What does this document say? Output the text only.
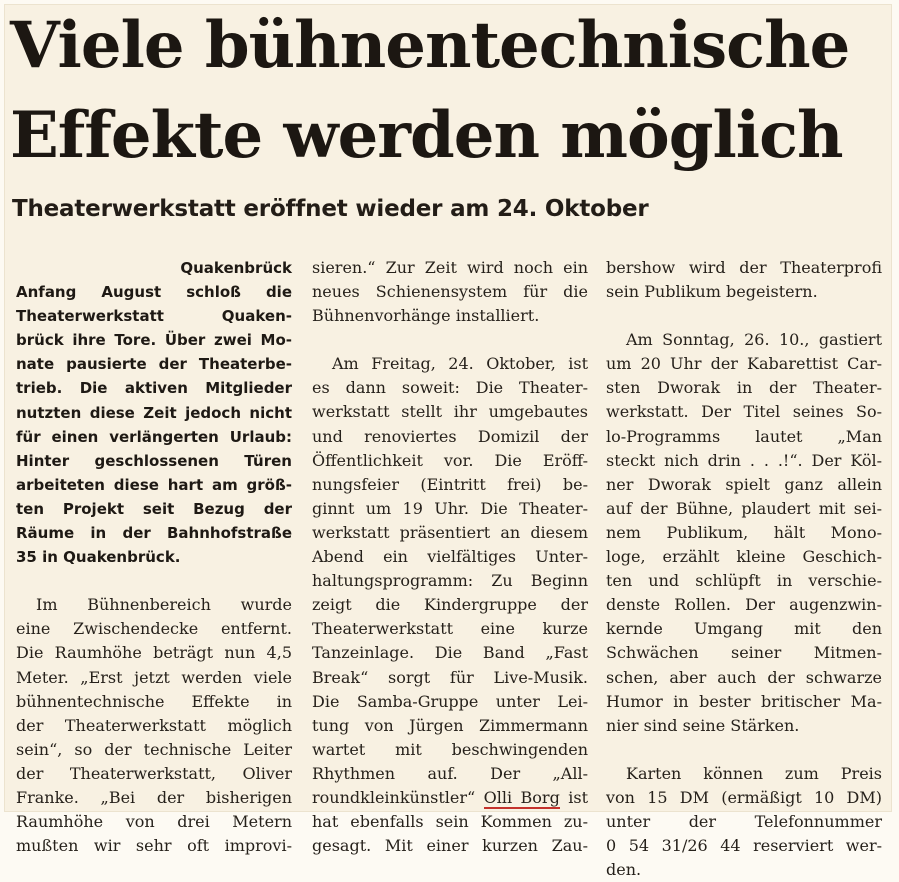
Viele bühnentechnische
Effekte werden möglich
Theaterwerkstatt eröffnet wieder am 24. Oktober

Quakenbrück

Anfang August schloß die

Theaterwerkstatt Quaken-

brück ihre Tore. Über zwei Mo-

nate pausierte der Theaterbe-

trieb. Die aktiven Mitglieder

nutzten diese Zeit jedoch nicht

für einen verlängerten Urlaub:

Hinter geschlossenen Türen

arbeiteten diese hart am größ-

ten Projekt seit Bezug der

Räume in der Bahnhofstraße

35 in Quakenbrück.

Im Bühnenbereich wurde

eine Zwischendecke entfernt.

Die Raumhöhe beträgt nun 4,5

Meter. „Erst jetzt werden viele

bühnentechnische Effekte in

der Theaterwerkstatt möglich

sein“, so der technische Leiter

der Theaterwerkstatt, Oliver

Franke. „Bei der bisherigen

Raumhöhe von drei Metern

mußten wir sehr oft improvi-

sieren.“ Zur Zeit wird noch ein

neues Schienensystem für die

Bühnenvorhänge installiert.

Am Freitag, 24. Oktober, ist

es dann soweit: Die Theater-

werkstatt stellt ihr umgebautes

und renoviertes Domizil der

Öffentlichkeit vor. Die Eröff-

nungsfeier (Eintritt frei) be-

ginnt um 19 Uhr. Die Theater-

werkstatt präsentiert an diesem

Abend ein vielfältiges Unter-

haltungsprogramm: Zu Beginn

zeigt die Kindergruppe der

Theaterwerkstatt eine kurze

Tanzeinlage. Die Band „Fast

Break“ sorgt für Live-Musik.

Die Samba-Gruppe unter Lei-

tung von Jürgen Zimmermann

wartet mit beschwingenden

Rhythmen auf. Der „All-

roundkleinkünstler“ Olli Borg ist

hat ebenfalls sein Kommen zu-

gesagt. Mit einer kurzen Zau-

bershow wird der Theaterprofi

sein Publikum begeistern.

Am Sonntag, 26. 10., gastiert

um 20 Uhr der Kabarettist Car-

sten Dworak in der Theater-

werkstatt. Der Titel seines So-

lo-Programms lautet „Man

steckt nich drin . . .!“. Der Köl-

ner Dworak spielt ganz allein

auf der Bühne, plaudert mit sei-

nem Publikum, hält Mono-

loge, erzählt kleine Geschich-

ten und schlüpft in verschie-

denste Rollen. Der augenzwin-

kernde Umgang mit den

Schwächen seiner Mitmen-

schen, aber auch der schwarze

Humor in bester britischer Ma-

nier sind seine Stärken.

Karten können zum Preis

von 15 DM (ermäßigt 10 DM)

unter der Telefonnummer

0 54 31/26 44 reserviert wer-

den.
